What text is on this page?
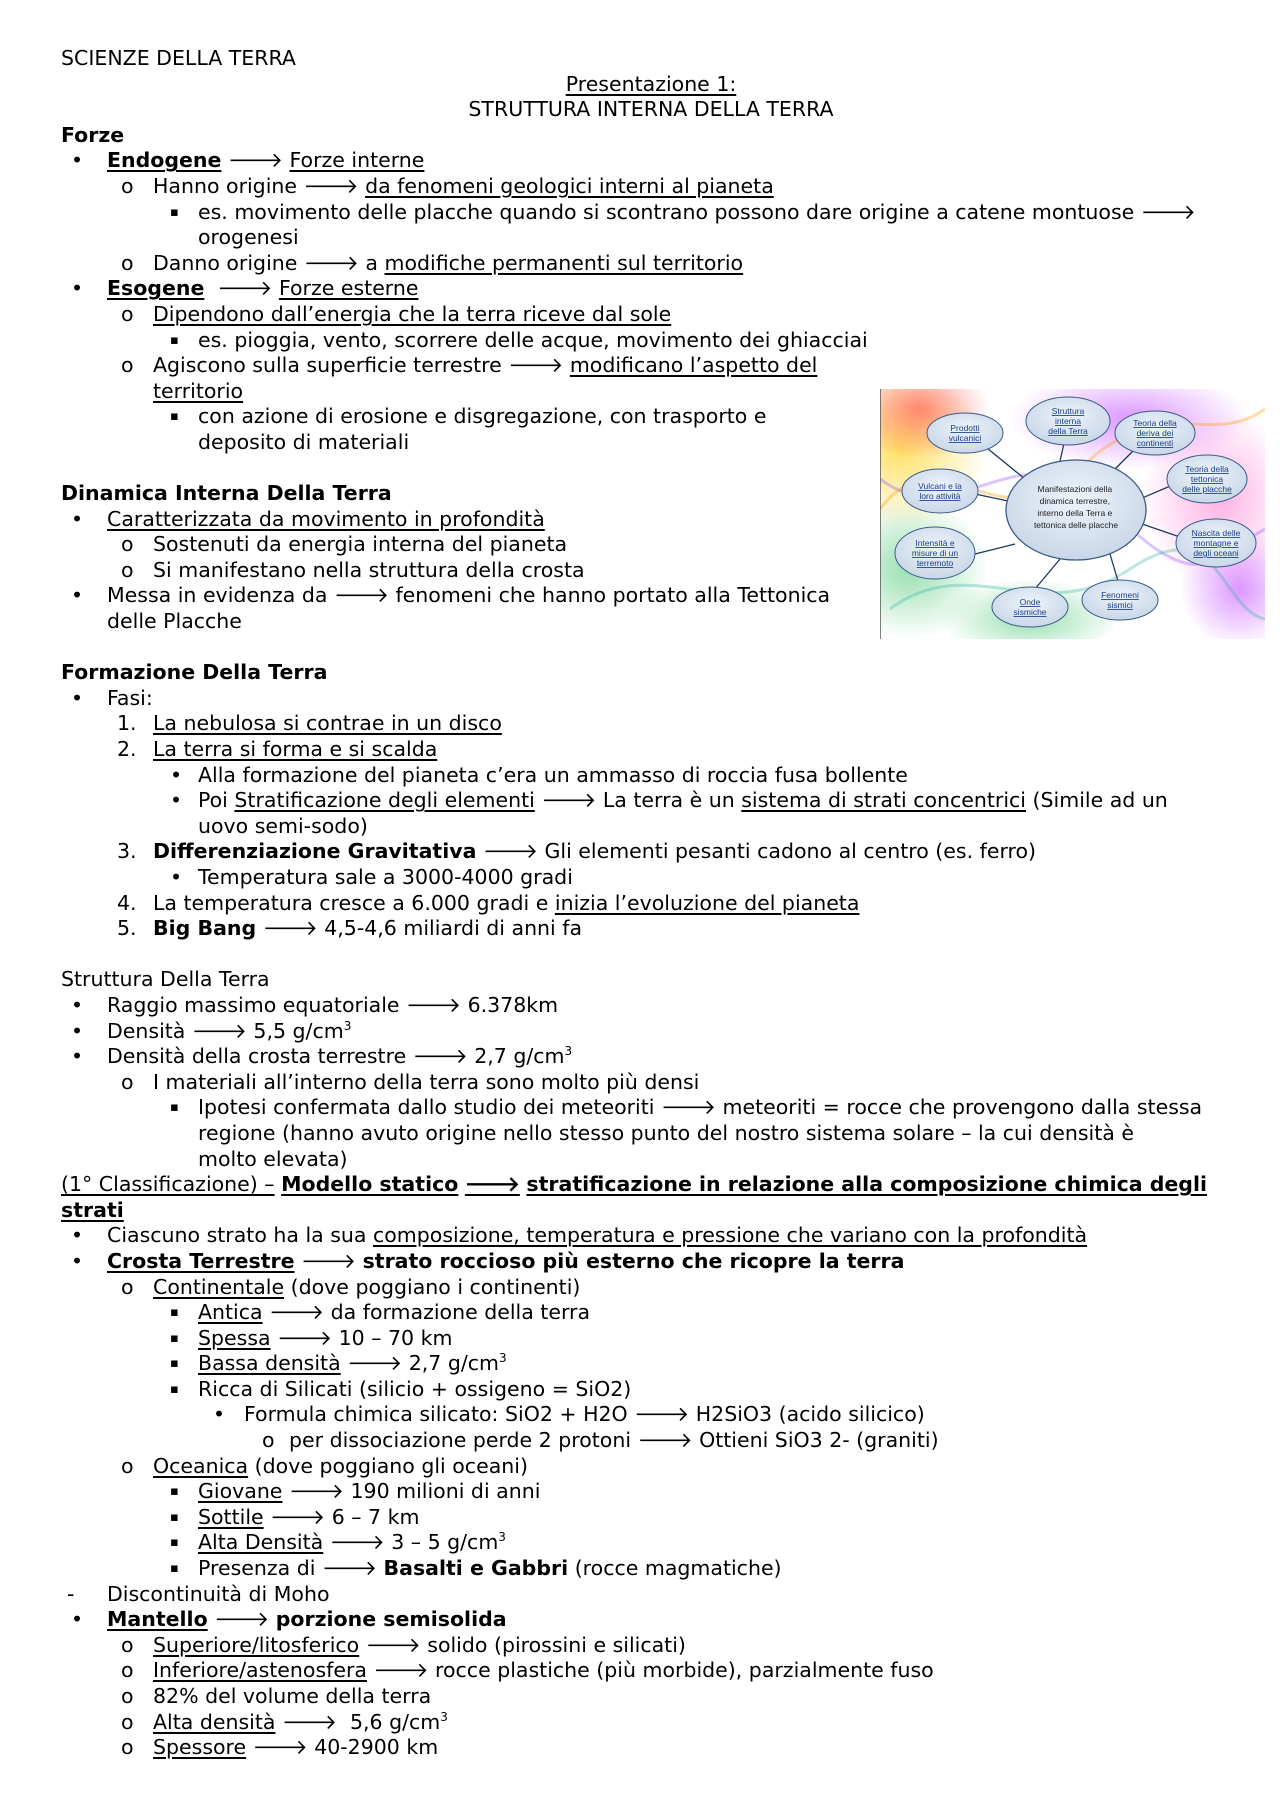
SCIENZE DELLA TERRA
Presentazione 1:
STRUTTURA INTERNA DELLA TERRA
Forze
• Endogene 🡒 Forze interne
o Hanno origine 🡒 da fenomeni geologici interni al pianeta
▪ es. movimento delle placche quando si scontrano possono dare origine a catene montuose 🡒
orogenesi
o Danno origine 🡒 a modifiche permanenti sul territorio
• Esogene 🡒 Forze esterne
o Dipendono dall’energia che la terra riceve dal sole
▪ es. pioggia, vento, scorrere delle acque, movimento dei ghiacciai
o Agiscono sulla superficie terrestre 🡒 modificano l’aspetto del
territorio
▪ con azione di erosione e disgregazione, con trasporto e
deposito di materiali
Dinamica Interna Della Terra
• Caratterizzata da movimento in profondità
o Sostenuti da energia interna del pianeta
o Si manifestano nella struttura della crosta
• Messa in evidenza da 🡒 fenomeni che hanno portato alla Tettonica
delle Placche
Formazione Della Terra
• Fasi:
1. La nebulosa si contrae in un disco
2. La terra si forma e si scalda
• Alla formazione del pianeta c’era un ammasso di roccia fusa bollente
• Poi Stratificazione degli elementi 🡒 La terra è un sistema di strati concentrici (Simile ad un
uovo semi-sodo)
3. Differenziazione Gravitativa 🡒 Gli elementi pesanti cadono al centro (es. ferro)
• Temperatura sale a 3000-4000 gradi
4. La temperatura cresce a 6.000 gradi e inizia l’evoluzione del pianeta
5. Big Bang 🡒 4,5-4,6 miliardi di anni fa
Struttura Della Terra
• Raggio massimo equatoriale 🡒 6.378km
• Densità 🡒 5,5 $g/cm^3$
• Densità della crosta terrestre 🡒 2,7 $g/cm^3$
o I materiali all’interno della terra sono molto più densi
▪ Ipotesi confermata dallo studio dei meteoriti 🡒 meteoriti = rocce che provengono dalla stessa
regione (hanno avuto origine nello stesso punto del nostro sistema solare – la cui densità è
molto elevata)
(1° Classificazione) – Modello statico 🡒 stratificazione in relazione alla composizione chimica degli
strati
• Ciascuno strato ha la sua composizione, temperatura e pressione che variano con la profondità
• Crosta Terrestre 🡒 strato roccioso più esterno che ricopre la terra
o Continentale (dove poggiano i continenti)
▪ Antica 🡒 da formazione della terra
▪ Spessa 🡒 10 – 70 km
▪ Bassa densità 🡒 2,7 $g/cm^3$
▪ Ricca di Silicati (silicio + ossigeno = SiO2)
• Formula chimica silicato: SiO2 + H2O 🡒 H2SiO3 (acido silicico)
o per dissociazione perde 2 protoni 🡒 Ottieni SiO3 2- (graniti)
o Oceanica (dove poggiano gli oceani)
▪ Giovane 🡒 190 milioni di anni
▪ Sottile 🡒 6 – 7 km
▪ Alta Densità 🡒 3 – 5 $g/cm^3$
▪ Presenza di 🡒 Basalti e Gabbri (rocce magmatiche)
- Discontinuità di Moho
• Mantello 🡒 porzione semisolida
o Superiore/litosferico 🡒 solido (pirossini e silicati)
o Inferiore/astenosfera 🡒 rocce plastiche (più morbide), parzialmente fuso
o 82% del volume della terra
o Alta densità 🡒 5,6 $g/cm^3$
o Spessore 🡒 40-2900 km
Manifestazioni della dinamica terrestre, interno della Terra e tettonica delle placche
Prodotti vulcanici
Struttura interna della Terra
Teoria della deriva dei continenti
Teoria della tettonica delle placche
Vulcani e la loro attività
Nascita delle montagne e degli oceani
Intensità e misure di un terremoto
Onde sismiche
Fenomeni sismici
